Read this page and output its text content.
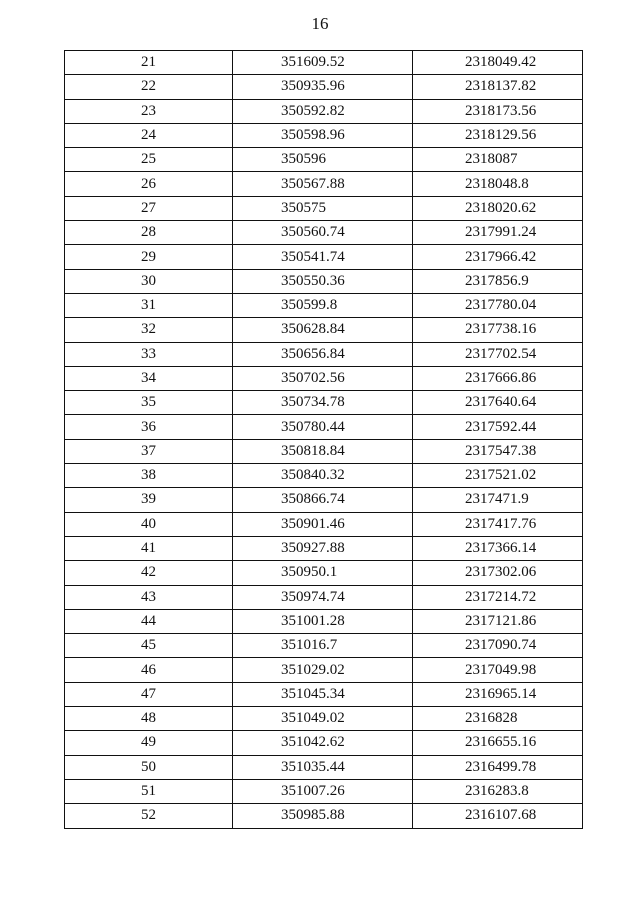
16
21	351609.52	2318049.42
22	350935.96	2318137.82
23	350592.82	2318173.56
24	350598.96	2318129.56
25	350596	2318087
26	350567.88	2318048.8
27	350575	2318020.62
28	350560.74	2317991.24
29	350541.74	2317966.42
30	350550.36	2317856.9
31	350599.8	2317780.04
32	350628.84	2317738.16
33	350656.84	2317702.54
34	350702.56	2317666.86
35	350734.78	2317640.64
36	350780.44	2317592.44
37	350818.84	2317547.38
38	350840.32	2317521.02
39	350866.74	2317471.9
40	350901.46	2317417.76
41	350927.88	2317366.14
42	350950.1	2317302.06
43	350974.74	2317214.72
44	351001.28	2317121.86
45	351016.7	2317090.74
46	351029.02	2317049.98
47	351045.34	2316965.14
48	351049.02	2316828
49	351042.62	2316655.16
50	351035.44	2316499.78
51	351007.26	2316283.8
52	350985.88	2316107.68
